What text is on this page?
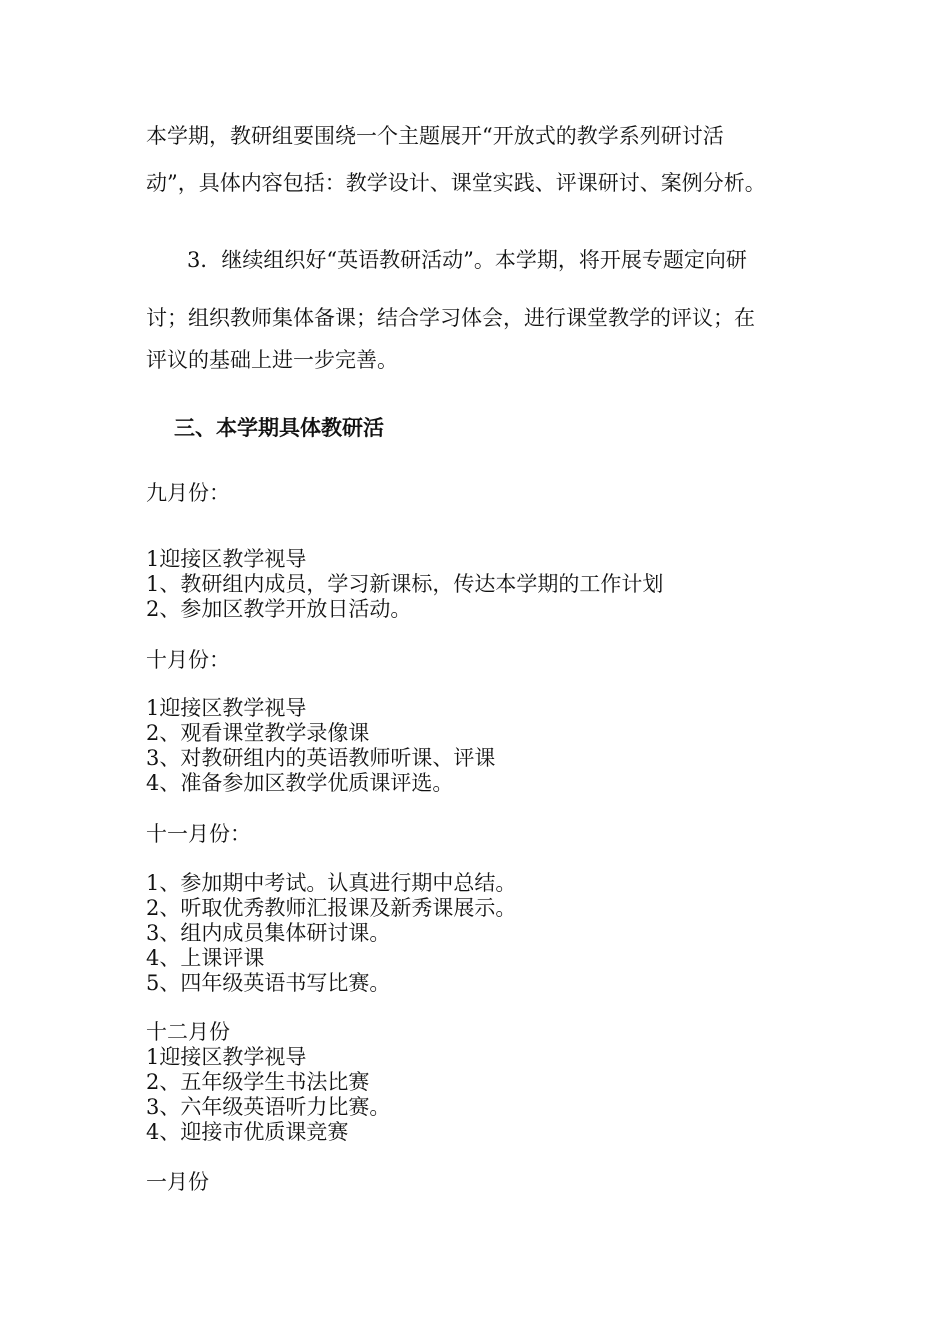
本学期，教研组要围绕一个主题展开“开放式的教学系列研讨活
动”，具体内容包括：教学设计、课堂实践、评课研讨、案例分析。
3．继续组织好“英语教研活动”。本学期，将开展专题定向研
讨；组织教师集体备课；结合学习体会，进行课堂教学的评议；在
评议的基础上进一步完善。
三、本学期具体教研活
九月份：
1迎接区教学视导
1、教研组内成员，学习新课标，传达本学期的工作计划
2、参加区教学开放日活动。
十月份：
1迎接区教学视导
2、观看课堂教学录像课
3、对教研组内的英语教师听课、评课
4、准备参加区教学优质课评选。
十一月份：
1、参加期中考试。认真进行期中总结。
2、听取优秀教师汇报课及新秀课展示。
3、组内成员集体研讨课。
4、上课评课
5、四年级英语书写比赛。
十二月份
1迎接区教学视导
2、五年级学生书法比赛
3、六年级英语听力比赛。
4、迎接市优质课竞赛
一月份
